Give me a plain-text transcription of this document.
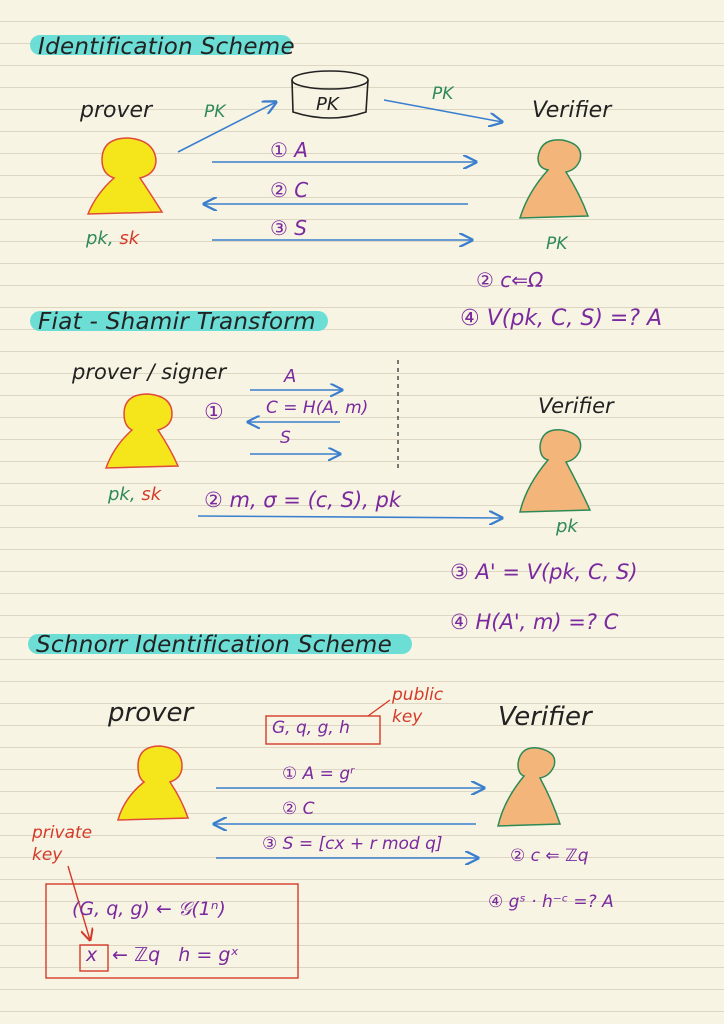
Identification Scheme
prover	Verifier
PK
PK
PK
pk, sk	PK
① A
② C
③ S
② c⇐Ω
④ V(pk, C, S) =? A
Fiat - Shamir Transform
prover / signer
Verifier
①
A
C = H(A, m)
S
pk, sk ② m, σ = (c, S), pk
pk
③ A' = V(pk, C, S)
④ H(A', m) =? C
Schnorr Identification Scheme
prover	Verifier
public key
G, q, g, h
private key
① A = gʳ
② C
③ S = [cx + r mod q]
② c ⇐ ℤq
④ gˢ · h⁻ᶜ =? A
(G, q, g) ← 𝒢(1ⁿ)
x ← ℤq   h = gˣ
